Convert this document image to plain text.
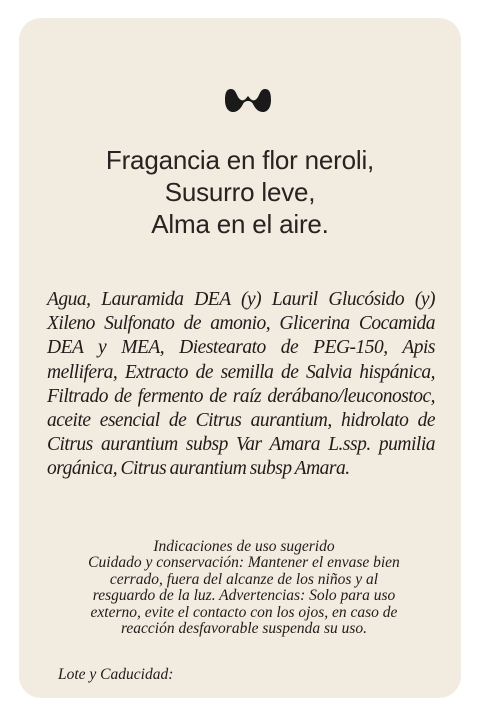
Fragancia en flor neroli,
Susurro leve,
Alma en el aire.
Agua, Lauramida DEA (y) Lauril Glucósido (y) Xileno Sulfonato de amonio, Glicerina Cocamida DEA y MEA, Diestearato de PEG-150, Apis mellifera, Extracto de semilla de Salvia hispánica, Filtrado de fermento de raíz derábano/leuconostoc, aceite esencial de Citrus aurantium, hidrolato de Citrus aurantium subsp Var Amara L.ssp. pumilia orgánica, Citrus aurantium subsp Amara.
Indicaciones de uso sugerido
Cuidado y conservación: Mantener el envase bien
cerrado, fuera del alcanze de los niños y al
resguardo de la luz. Advertencias: Solo para uso
externo, evite el contacto con los ojos, en caso de
reacción desfavorable suspenda su uso.
Lote y Caducidad:
